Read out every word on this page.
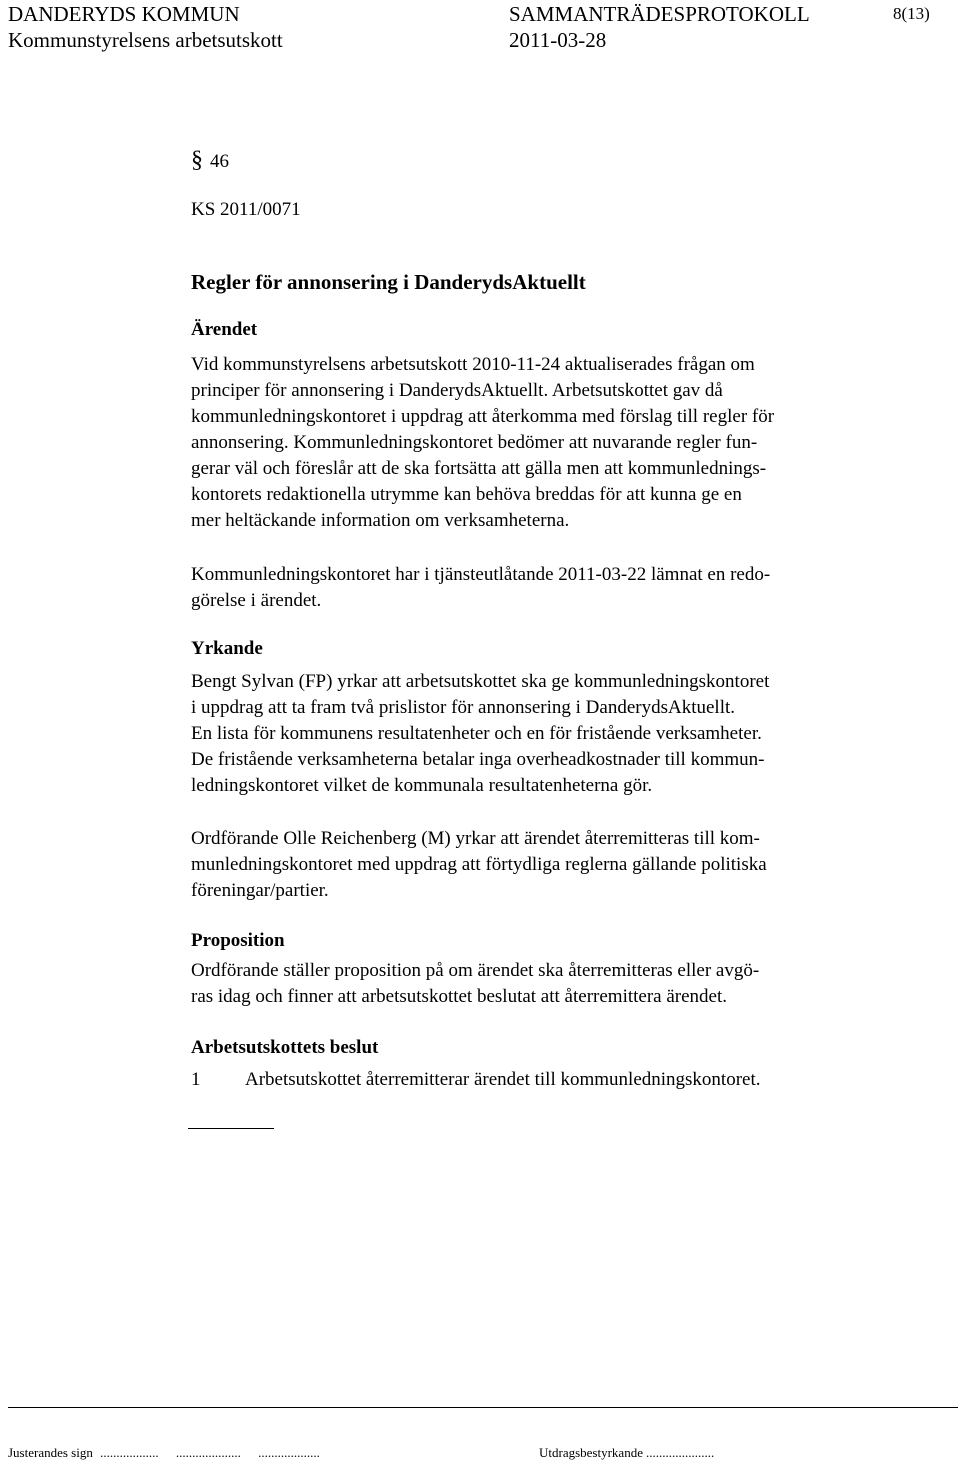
DANDERYDS KOMMUN
Kommunstyrelsens arbetsutskott
SAMMANTRÄDESPROTOKOLL
2011-03-28
8(13)
§ 46
KS 2011/0071
Regler för annonsering i DanderydsAktuellt
Ärendet
Vid kommunstyrelsens arbetsutskott 2010-11-24 aktualiserades frågan om
principer för annonsering i DanderydsAktuellt. Arbetsutskottet gav då
kommunledningskontoret i uppdrag att återkomma med förslag till regler för
annonsering. Kommunledningskontoret bedömer att nuvarande regler fun-
gerar väl och föreslår att de ska fortsätta att gälla men att kommunlednings-
kontorets redaktionella utrymme kan behöva breddas för att kunna ge en
mer heltäckande information om verksamheterna.
Kommunledningskontoret har i tjänsteutlåtande 2011-03-22 lämnat en redo-
görelse i ärendet.
Yrkande
Bengt Sylvan (FP) yrkar att arbetsutskottet ska ge kommunledningskontoret
i uppdrag att ta fram två prislistor för annonsering i DanderydsAktuellt.
En lista för kommunens resultatenheter och en för fristående verksamheter.
De fristående verksamheterna betalar inga overheadkostnader till kommun-
ledningskontoret vilket de kommunala resultatenheterna gör.
Ordförande Olle Reichenberg (M) yrkar att ärendet återremitteras till kom-
munledningskontoret med uppdrag att förtydliga reglerna gällande politiska
föreningar/partier.
Proposition
Ordförande ställer proposition på om ärendet ska återremitteras eller avgö-
ras idag och finner att arbetsutskottet beslutat att återremittera ärendet.
Arbetsutskottets beslut
1 Arbetsutskottet återremitterar ärendet till kommunledningskontoret.
Justerandes sign .................. .................... ...................	Utdragsbestyrkande .....................
